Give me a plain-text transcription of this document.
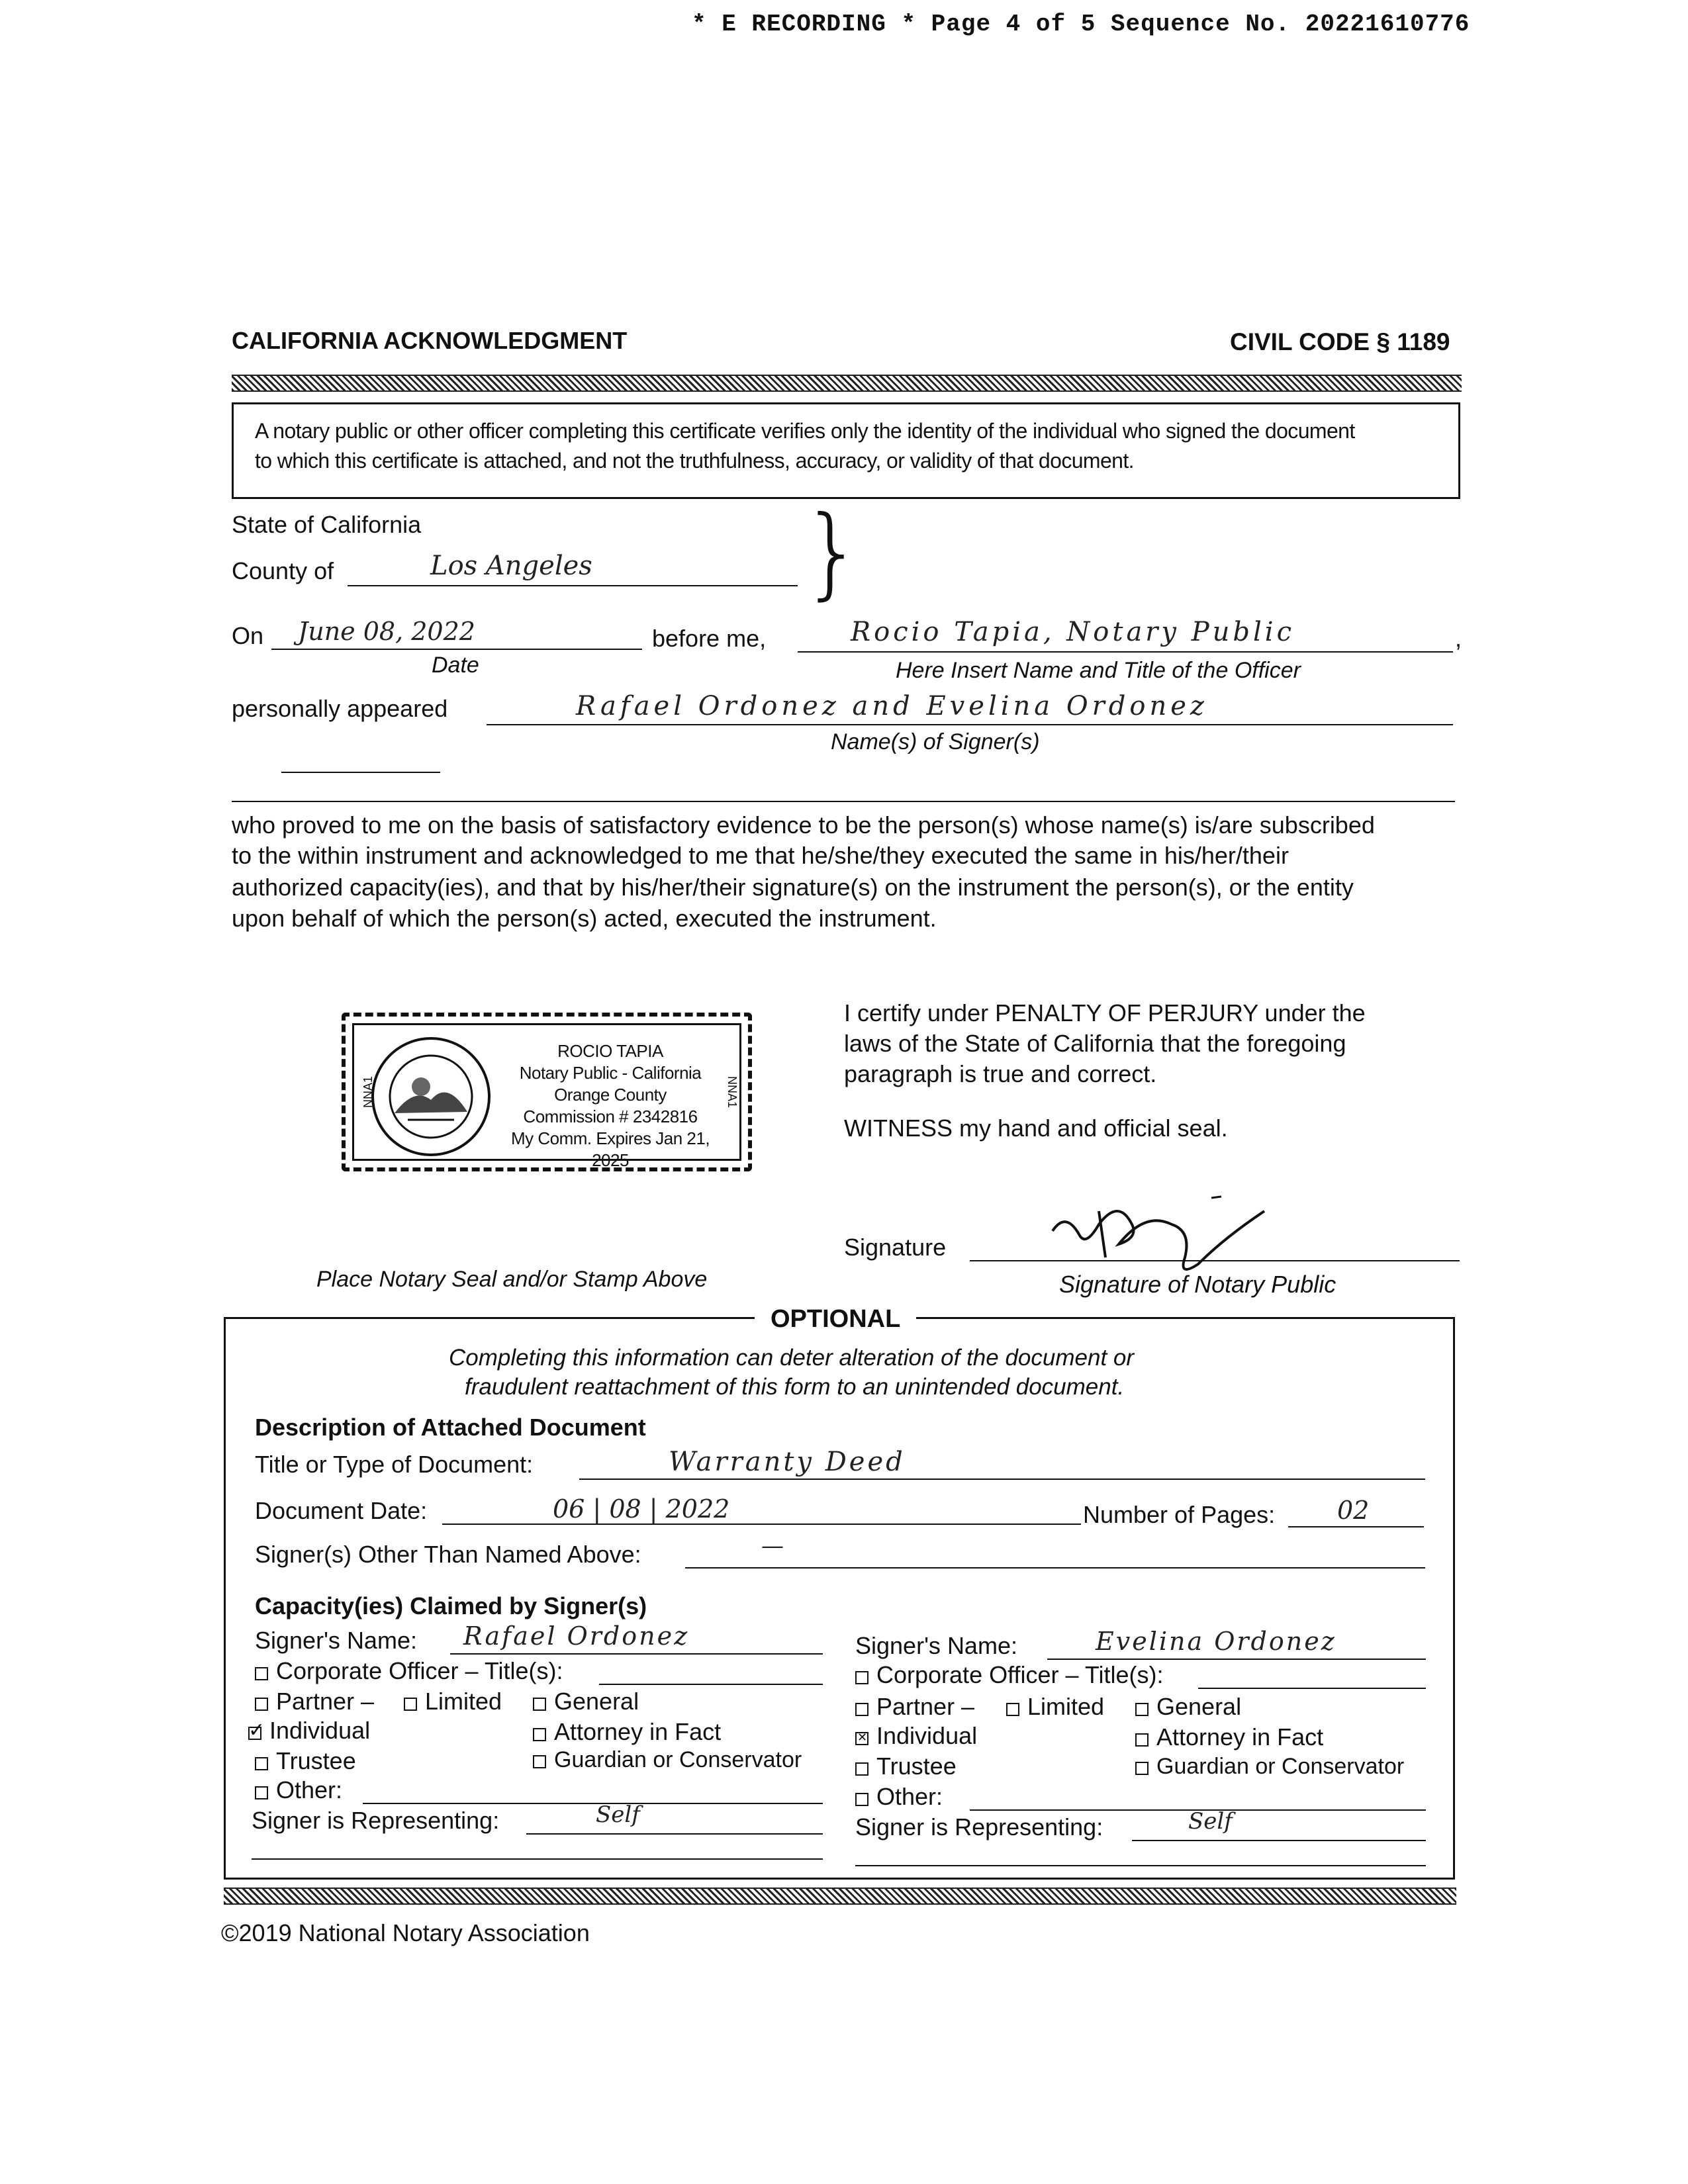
* E RECORDING * Page 4 of 5 Sequence No. 20221610776
CALIFORNIA ACKNOWLEDGMENT	CIVIL CODE § 1189
A notary public or other officer completing this certificate verifies only the identity of the individual who signed the document
to which this certificate is attached, and not the truthfulness, accuracy, or validity of that document.
State of California
County of	Los Angeles }
On June 08, 2022	before me,	Rocio Tapia, Notary Public	,
Date	Here Insert Name and Title of the Officer
personally appeared	Rafael Ordonez and Evelina Ordonez
Name(s) of Signer(s)
who proved to me on the basis of satisfactory evidence to be the person(s) whose name(s) is/are subscribed
to the within instrument and acknowledged to me that he/she/they executed the same in his/her/their
authorized capacity(ies), and that by his/her/their signature(s) on the instrument the person(s), or the entity
upon behalf of which the person(s) acted, executed the instrument.
NNA1	NNA1
ROCIO TAPIA
Notary Public - California
Orange County
Commission # 2342816
My Comm. Expires Jan 21, 2025
Place Notary Seal and/or Stamp Above
I certify under PENALTY OF PERJURY under the
laws of the State of California that the foregoing
paragraph is true and correct.
WITNESS my hand and official seal.
Signature
Signature of Notary Public
OPTIONAL
Completing this information can deter alteration of the document or
fraudulent reattachment of this form to an unintended document.
Description of Attached Document
Title or Type of Document:	Warranty Deed
Document Date:	06 | 08 | 2022	Number of Pages: 02
Signer(s) Other Than Named Above:	—
Capacity(ies) Claimed by Signer(s)
Signer's Name: Rafael Ordonez
Corporate Officer – Title(s):
Partner –	Limited	General
✓Individual	Attorney in Fact
Trustee	Guardian or Conservator
Other:
Signer is Representing:	Self
Signer's Name:	Evelina Ordonez
Corporate Officer – Title(s):
Partner –	Limited	General
✕Individual	Attorney in Fact
Trustee	Guardian or Conservator
Other:
Signer is Representing:	Self
©2019 National Notary Association
